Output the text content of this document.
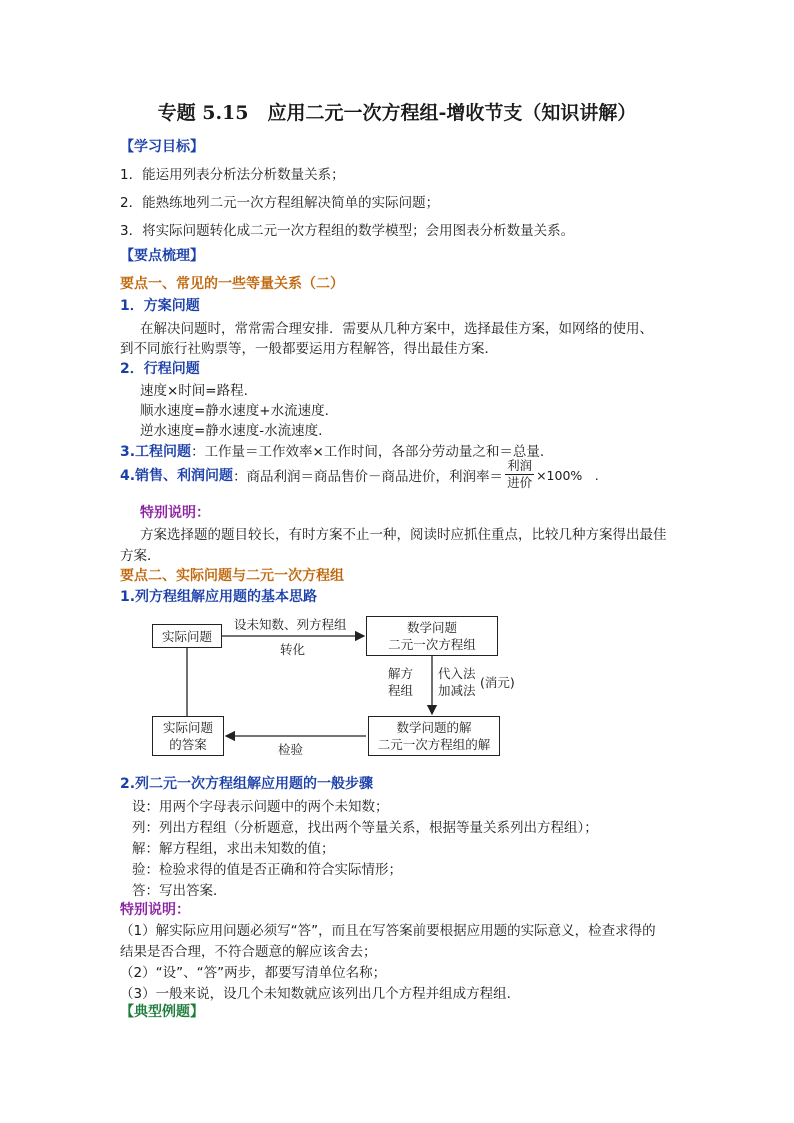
专题 5.15　应用二元一次方程组-增收节支（知识讲解）
【学习目标】
1．能运用列表分析法分析数量关系；
2．能熟练地列二元一次方程组解决简单的实际问题；
3．将实际问题转化成二元一次方程组的数学模型；会用图表分析数量关系。
【要点梳理】
要点一、常见的一些等量关系（二）
1．方案问题
在解决问题时，常常需合理安排．需要从几种方案中，选择最佳方案，如网络的使用、
到不同旅行社购票等，一般都要运用方程解答，得出最佳方案．
2．行程问题
速度×时间=路程.
顺水速度=静水速度+水流速度.
逆水速度=静水速度-水流速度.
3.工程问题：工作量＝工作效率×工作时间，各部分劳动量之和＝总量.
4.销售、利润问题 ：商品利润＝商品售价－商品进价，利润率＝ $\frac{\text{利润}}{\text{进价}} \times 100\%$　.
特别说明：
方案选择题的题目较长，有时方案不止一种，阅读时应抓住重点，比较几种方案得出最佳
方案．
要点二、实际问题与二元一次方程组
1.列方程组解应用题的基本思路
实际问题
设未知数、列方程组
转化
数学问题
二元一次方程组
解方
程组
代入法
加减法
(消元)
数学问题的解
二元一次方程组的解
检验
实际问题
的答案
2.列二元一次方程组解应用题的一般步骤
设：用两个字母表示问题中的两个未知数；
列：列出方程组（分析题意，找出两个等量关系，根据等量关系列出方程组）；
解：解方程组，求出未知数的值；
验：检验求得的值是否正确和符合实际情形；
答：写出答案．
特别说明：
（1）解实际应用问题必须写“答”，而且在写答案前要根据应用题的实际意义，检查求得的
结果是否合理，不符合题意的解应该舍去；
（2）“设”、“答”两步，都要写清单位名称；
（3）一般来说，设几个未知数就应该列出几个方程并组成方程组.
【典型例题】
